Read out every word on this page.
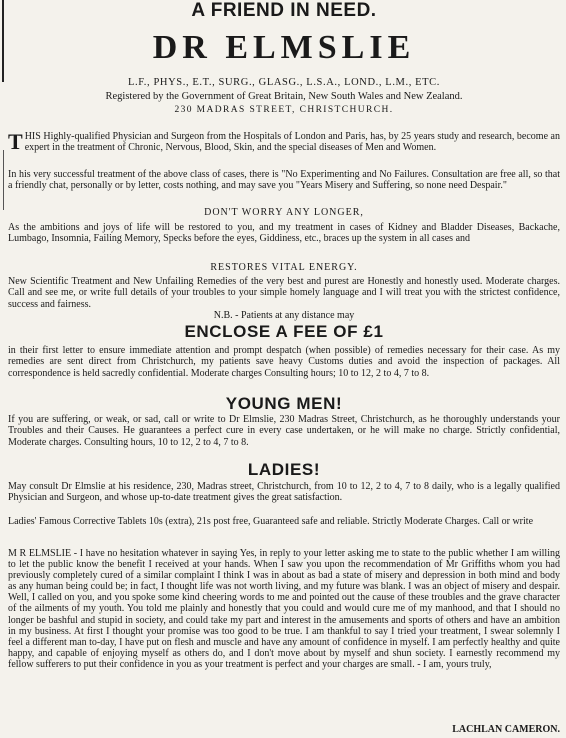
A FRIEND IN NEED.
DR ELMSLIE
L.F., PHYS., E.T., SURG., GLASG., L.S.A., LOND., L.M., ETC.
Registered by the Government of Great Britain, New South Wales and New Zealand.
230 MADRAS STREET, CHRISTCHURCH.
THIS Highly-qualified Physician and Surgeon from the Hospitals of London and Paris, has, by 25 years study and research, become an expert in the treatment of Chronic, Nervous, Blood, Skin, and the special diseases of Men and Women.
In his very successful treatment of the above class of cases, there is "No Experimenting and No Failures. Consultation are free all, so that a friendly chat, personally or by letter, costs nothing, and may save you "Years Misery and Suffering, so none need Despair."
DON'T WORRY ANY LONGER,
As the ambitions and joys of life will be restored to you, and my treatment in cases of Kidney and Bladder Diseases, Backache, Lumbago, Insomnia, Failing Memory, Specks before the eyes, Giddiness, etc., braces up the system in all cases and
RESTORES VITAL ENERGY.
New Scientific Treatment and New Unfailing Remedies of the very best and purest are Honestly and honestly used. Moderate charges. Call and see me, or write full details of your troubles to your simple homely language and I will treat you with the strictest confidence, success and fairness.
N.B. - Patients at any distance may
ENCLOSE A FEE OF £1
in their first letter to ensure immediate attention and prompt despatch (when possible) of remedies necessary for their case. As my remedies are sent direct from Christchurch, my patients save heavy Customs duties and avoid the inspection of packages. All correspondence is held sacredly confidential. Moderate charges Consulting hours; 10 to 12, 2 to 4, 7 to 8.
YOUNG MEN!
If you are suffering, or weak, or sad, call or write to Dr Elmslie, 230 Madras Street, Christchurch, as he thoroughly understands your Troubles and their Causes. He guarantees a perfect cure in every case undertaken, or he will make no charge. Strictly confidential, Moderate charges. Consulting hours, 10 to 12, 2 to 4, 7 to 8.
LADIES!
May consult Dr Elmslie at his residence, 230, Madras street, Christchurch, from 10 to 12, 2 to 4, 7 to 8 daily, who is a legally qualified Physician and Surgeon, and whose up-to-date treatment gives the great satisfaction.
Ladies' Famous Corrective Tablets 10s (extra), 21s post free, Guaranteed safe and reliable. Strictly Moderate Charges. Call or write
M R ELMSLIE - I have no hesitation whatever in saying Yes, in reply to your letter asking me to state to the public whether I am willing to let the public know the benefit I received at your hands. When I saw you upon the recommendation of Mr Griffiths whom you had previously completely cured of a similar complaint I think I was in about as bad a state of misery and depression in both mind and body as any human being could be; in fact, I thought life was not worth living, and my future was blank. I was an object of misery and despair. Well, I called on you, and you spoke some kind cheering words to me and pointed out the cause of these troubles and the grave character of the ailments of my youth. You told me plainly and honestly that you could and would cure me of my manhood, and that I should no longer be bashful and stupid in society, and could take my part and interest in the amusements and sports of others and have an ambition in my business. At first I thought your promise was too good to be true. I am thankful to say I tried your treatment, I swear solemnly I feel a different man to-day, I have put on flesh and muscle and have any amount of confidence in myself. I am perfectly healthy and quite happy, and capable of enjoying myself as others do, and I don't move about by myself and shun society. I earnestly recommend my fellow sufferers to put their confidence in you as your treatment is perfect and your charges are small. - I am, yours truly,
LACHLAN CAMERON.
